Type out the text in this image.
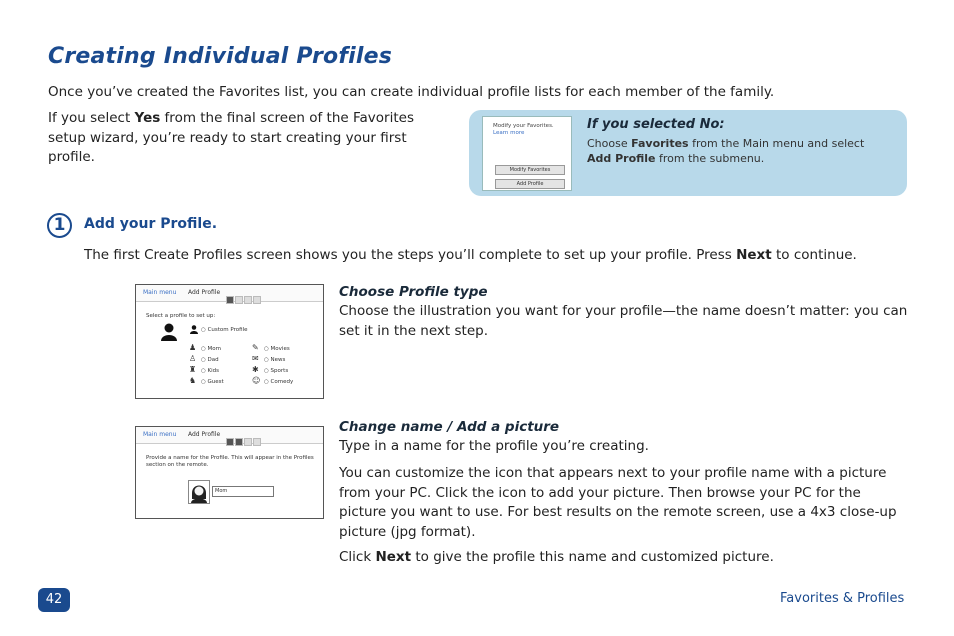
Creating Individual Profiles

Once you’ve created the Favorites list, you can create individual profile lists for each member of the family.

If you select Yes from the final screen of the Favorites setup wizard, you’re ready to start creating your first profile.

Modify your Favorites.
Learn more
Modify Favorites
Add Profile
If you selected No:
Choose Favorites from the Main menu and select
Add Profile from the submenu.
1	Add your Profile.

The first Create Profiles screen shows you the steps you’ll complete to set up your profile. Press Next to continue.

Main menu Add Profile
Select a profile to set up:
○ Custom Profile
♟ ○ Mom
♙ ○ Dad
♜ ○ Kids
♞ ○ Guest
✎ ○ Movies
✉ ○ News
✱ ○ Sports
☺ ○ Comedy

Choose Profile type

Choose the illustration you want for your profile—the name doesn’t matter: you can set it in the next step.

Main menu Add Profile
Provide a name for the Profile. This will appear in the Profiles section on the remote.
Mom

Change name / Add a picture

Type in a name for the profile you’re creating.

You can customize the icon that appears next to your profile name with a picture from your PC. Click the icon to add your picture. Then browse your PC for the picture you want to use. For best results on the remote screen, use a 4x3 close-up picture (jpg format).

Click Next to give the profile this name and customized picture.

42	Favorites & Profiles
